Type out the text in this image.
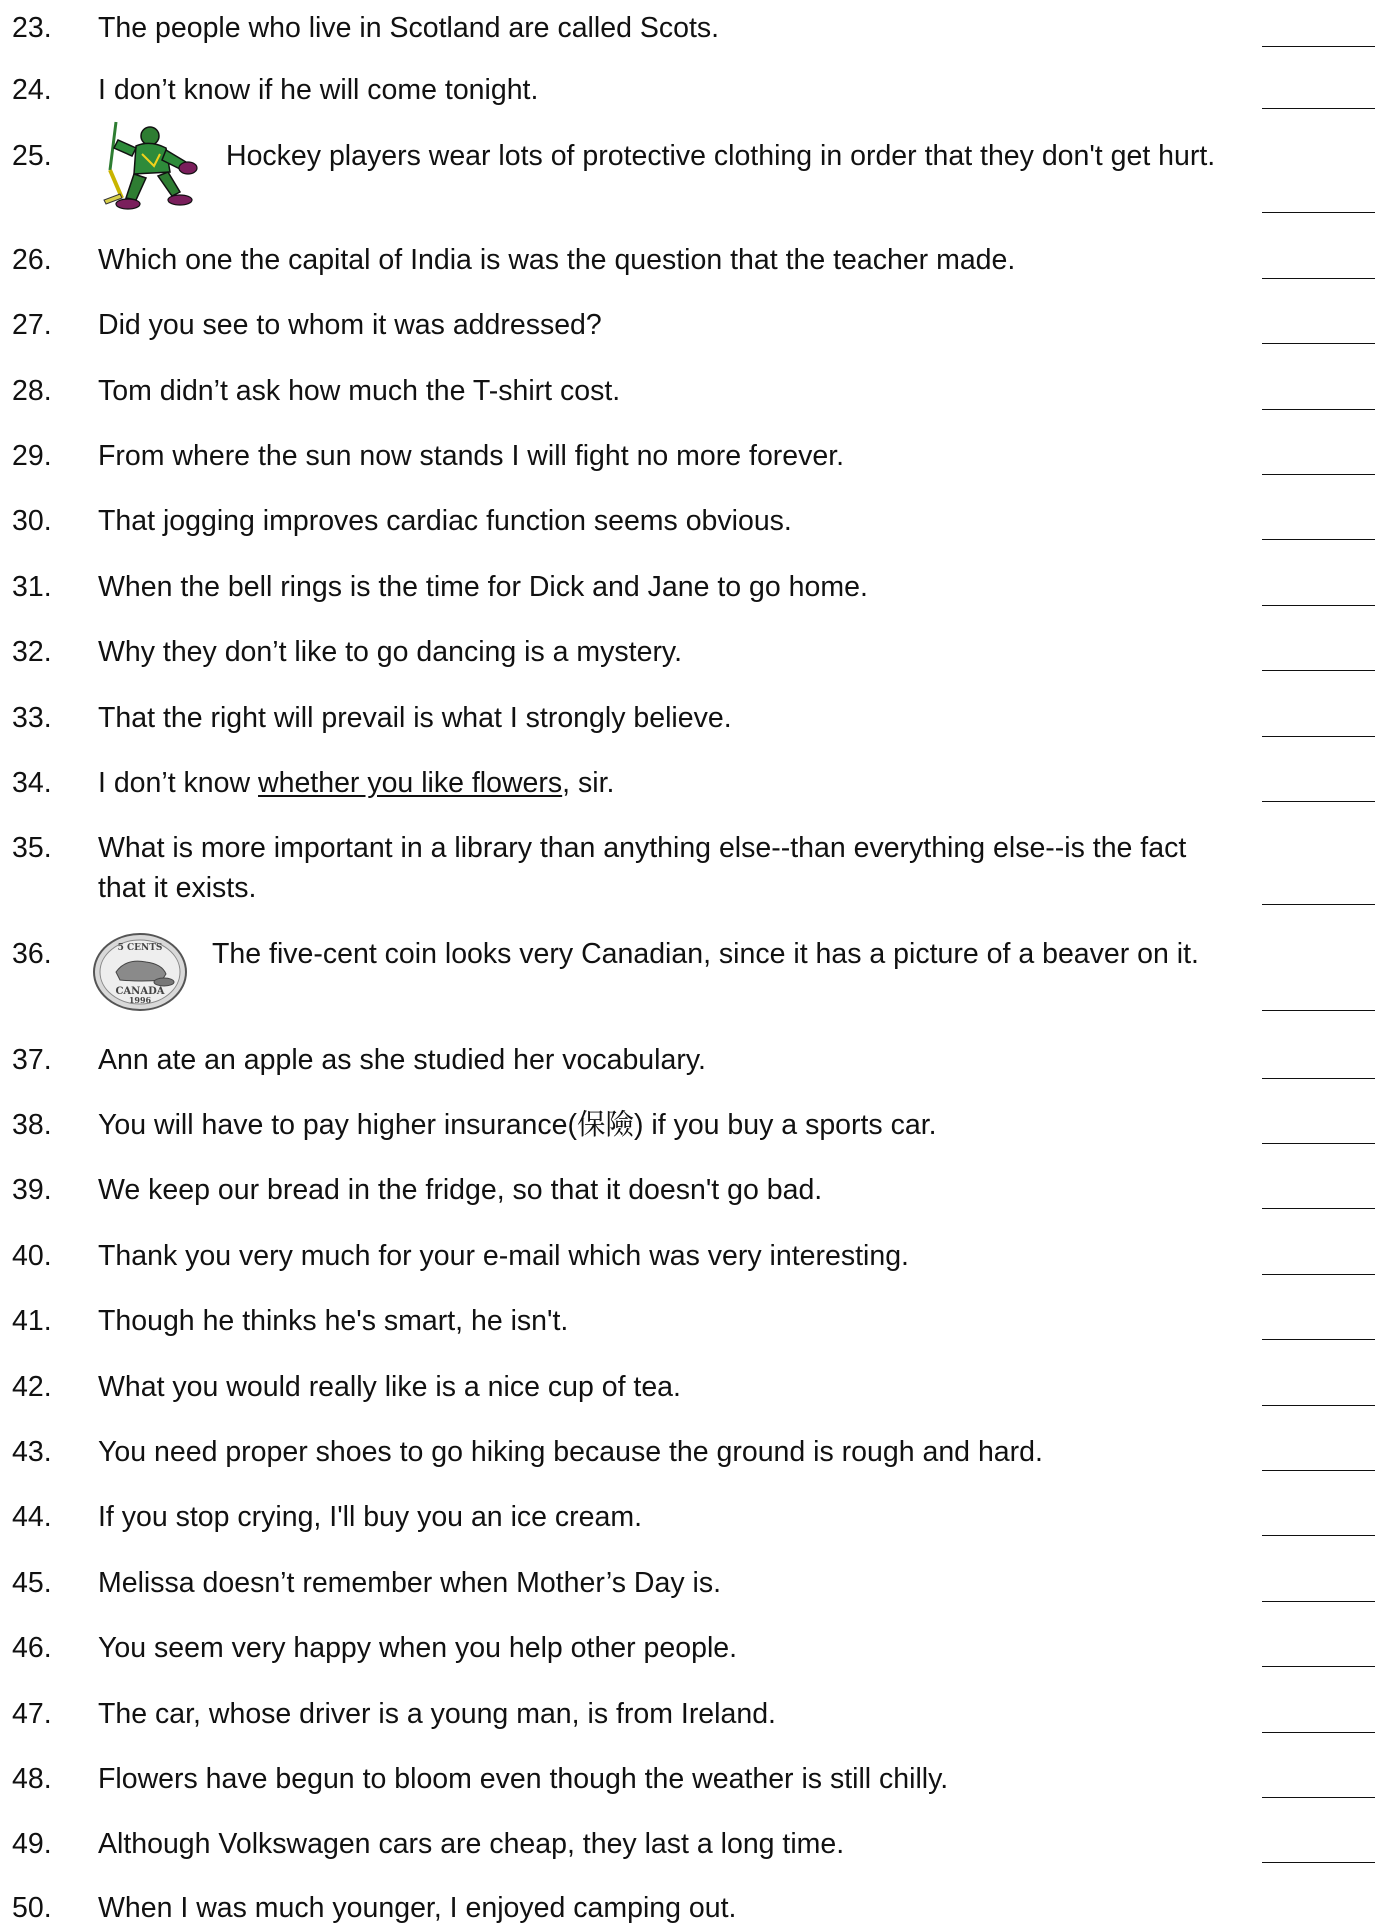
23. The people who live in Scotland are called Scots.
24. I don’t know if he will come tonight.
25.	Hockey players wear lots of protective clothing in order that they don't get hurt.
26. Which one the capital of India is was the question that the teacher made.
27. Did you see to whom it was addressed?
28. Tom didn’t ask how much the T-shirt cost.
29. From where the sun now stands I will fight no more forever.
30. That jogging improves cardiac function seems obvious.
31. When the bell rings is the time for Dick and Jane to go home.
32. Why they don’t like to go dancing is a mystery.
33. That the right will prevail is what I strongly believe.
34. I don’t know whether you like flowers, sir.
35. What is more important in a library than anything else--than everything else--is the fact that it exists.
36.	5 CENTS
CANADA
1996
The five-cent coin looks very Canadian, since it has a picture of a beaver on it.
37. Ann ate an apple as she studied her vocabulary.
38. You will have to pay higher insurance(保險) if you buy a sports car.
39. We keep our bread in the fridge, so that it doesn't go bad.
40. Thank you very much for your e-mail which was very interesting.
41. Though he thinks he's smart, he isn't.
42. What you would really like is a nice cup of tea.
43. You need proper shoes to go hiking because the ground is rough and hard.
44. If you stop crying, I'll buy you an ice cream.
45. Melissa doesn’t remember when Mother’s Day is.
46. You seem very happy when you help other people.
47. The car, whose driver is a young man, is from Ireland.
48. Flowers have begun to bloom even though the weather is still chilly.
49. Although Volkswagen cars are cheap, they last a long time.
50. When I was much younger, I enjoyed camping out.
